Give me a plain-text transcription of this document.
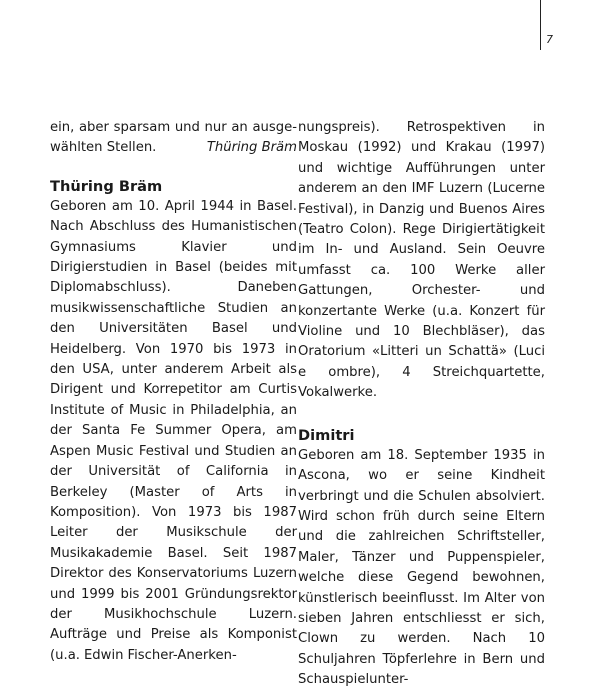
7
ein, aber sparsam und nur an ausge-
wählten Stellen.	Thüring Bräm
Thüring Bräm

Geboren am 10. April 1944 in Basel. Nach Abschluss des Humanistischen Gymnasiums Klavier und Dirigierstudien in Basel (beides mit Diplomabschluss). Daneben musikwissenschaftliche Studien an den Universitäten Basel und Heidelberg. Von 1970 bis 1973 in den USA, unter anderem Arbeit als Dirigent und Korrepetitor am Curtis Institute of Music in Philadelphia, an der Santa Fe Summer Opera, am Aspen Music Festival und Studien an der Universität of California in Berkeley (Master of Arts in Komposition). Von 1973 bis 1987 Leiter der Musikschule der Musikakademie Basel. Seit 1987 Direktor des Konservatoriums Luzern und 1999 bis 2001 Gründungsrektor der Musikhochschule Luzern. Aufträge und Preise als Komponist (u.a. Edwin Fischer-Anerken-

nungspreis). Retrospektiven in Moskau (1992) und Krakau (1997) und wichtige Aufführungen unter anderem an den IMF Luzern (Lucerne Festival), in Danzig und Buenos Aires (Teatro Colon). Rege Dirigiertätigkeit im In- und Ausland. Sein Oeuvre umfasst ca. 100 Werke aller Gattungen, Orchester- und konzertante Werke (u.a. Konzert für Violine und 10 Blechbläser), das Oratorium «Litteri un Schattä» (Luci e ombre), 4 Streichquartette, Vokalwerke.

Dimitri

Geboren am 18. September 1935 in Ascona, wo er seine Kindheit verbringt und die Schulen absolviert. Wird schon früh durch seine Eltern und die zahlreichen Schriftsteller, Maler, Tänzer und Puppenspieler, welche diese Gegend bewohnen, künstlerisch beeinflusst. Im Alter von sieben Jahren entschliesst er sich, Clown zu werden. Nach 10 Schuljahren Töpferlehre in Bern und Schauspielunter-
